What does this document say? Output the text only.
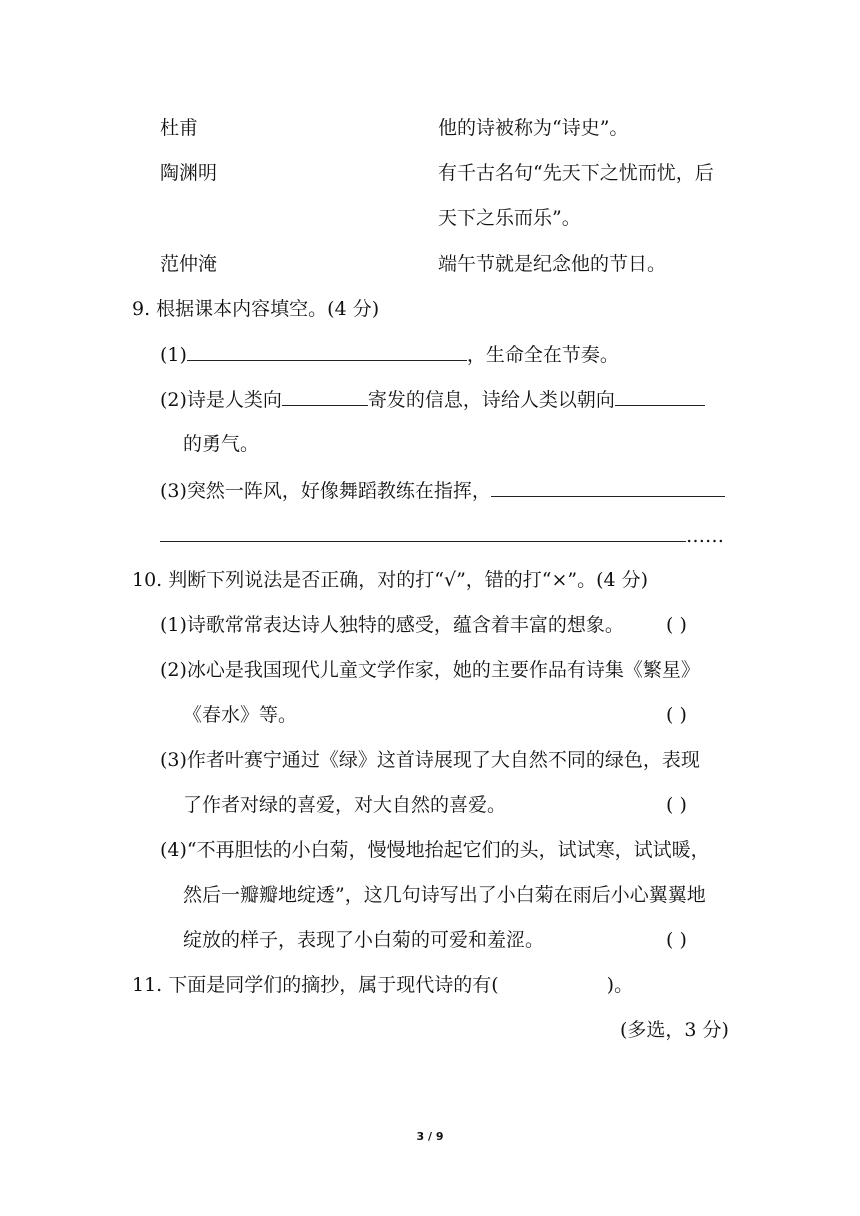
杜甫	他的诗被称为“诗史”。
陶渊明	有千古名句“先天下之忧而忧，后
天下之乐而乐”。
范仲淹	端午节就是纪念他的节日。
9. 根据课本内容填空。(4 分)
(1)	，生命全在节奏。
(2)诗是人类向	寄发的信息，诗给人类以朝向
的勇气。
(3)突然一阵风，好像舞蹈教练在指挥，
……
10. 判断下列说法是否正确，对的打“√”，错的打“×”。(4 分)
(1)诗歌常常表达诗人独特的感受，蕴含着丰富的想象。 ( )
(2)冰心是我国现代儿童文学作家，她的主要作品有诗集《繁星》
《春水》等。	( )
(3)作者叶赛宁通过《绿》这首诗展现了大自然不同的绿色，表现
了作者对绿的喜爱，对大自然的喜爱。	( )
(4)“不再胆怯的小白菊，慢慢地抬起它们的头，试试寒，试试暖，
然后一瓣瓣地绽透”，这几句诗写出了小白菊在雨后小心翼翼地
绽放的样子，表现了小白菊的可爱和羞涩。	( )
11. 下面是同学们的摘抄，属于现代诗的有(	)。
(多选，3 分)
3 / 9
